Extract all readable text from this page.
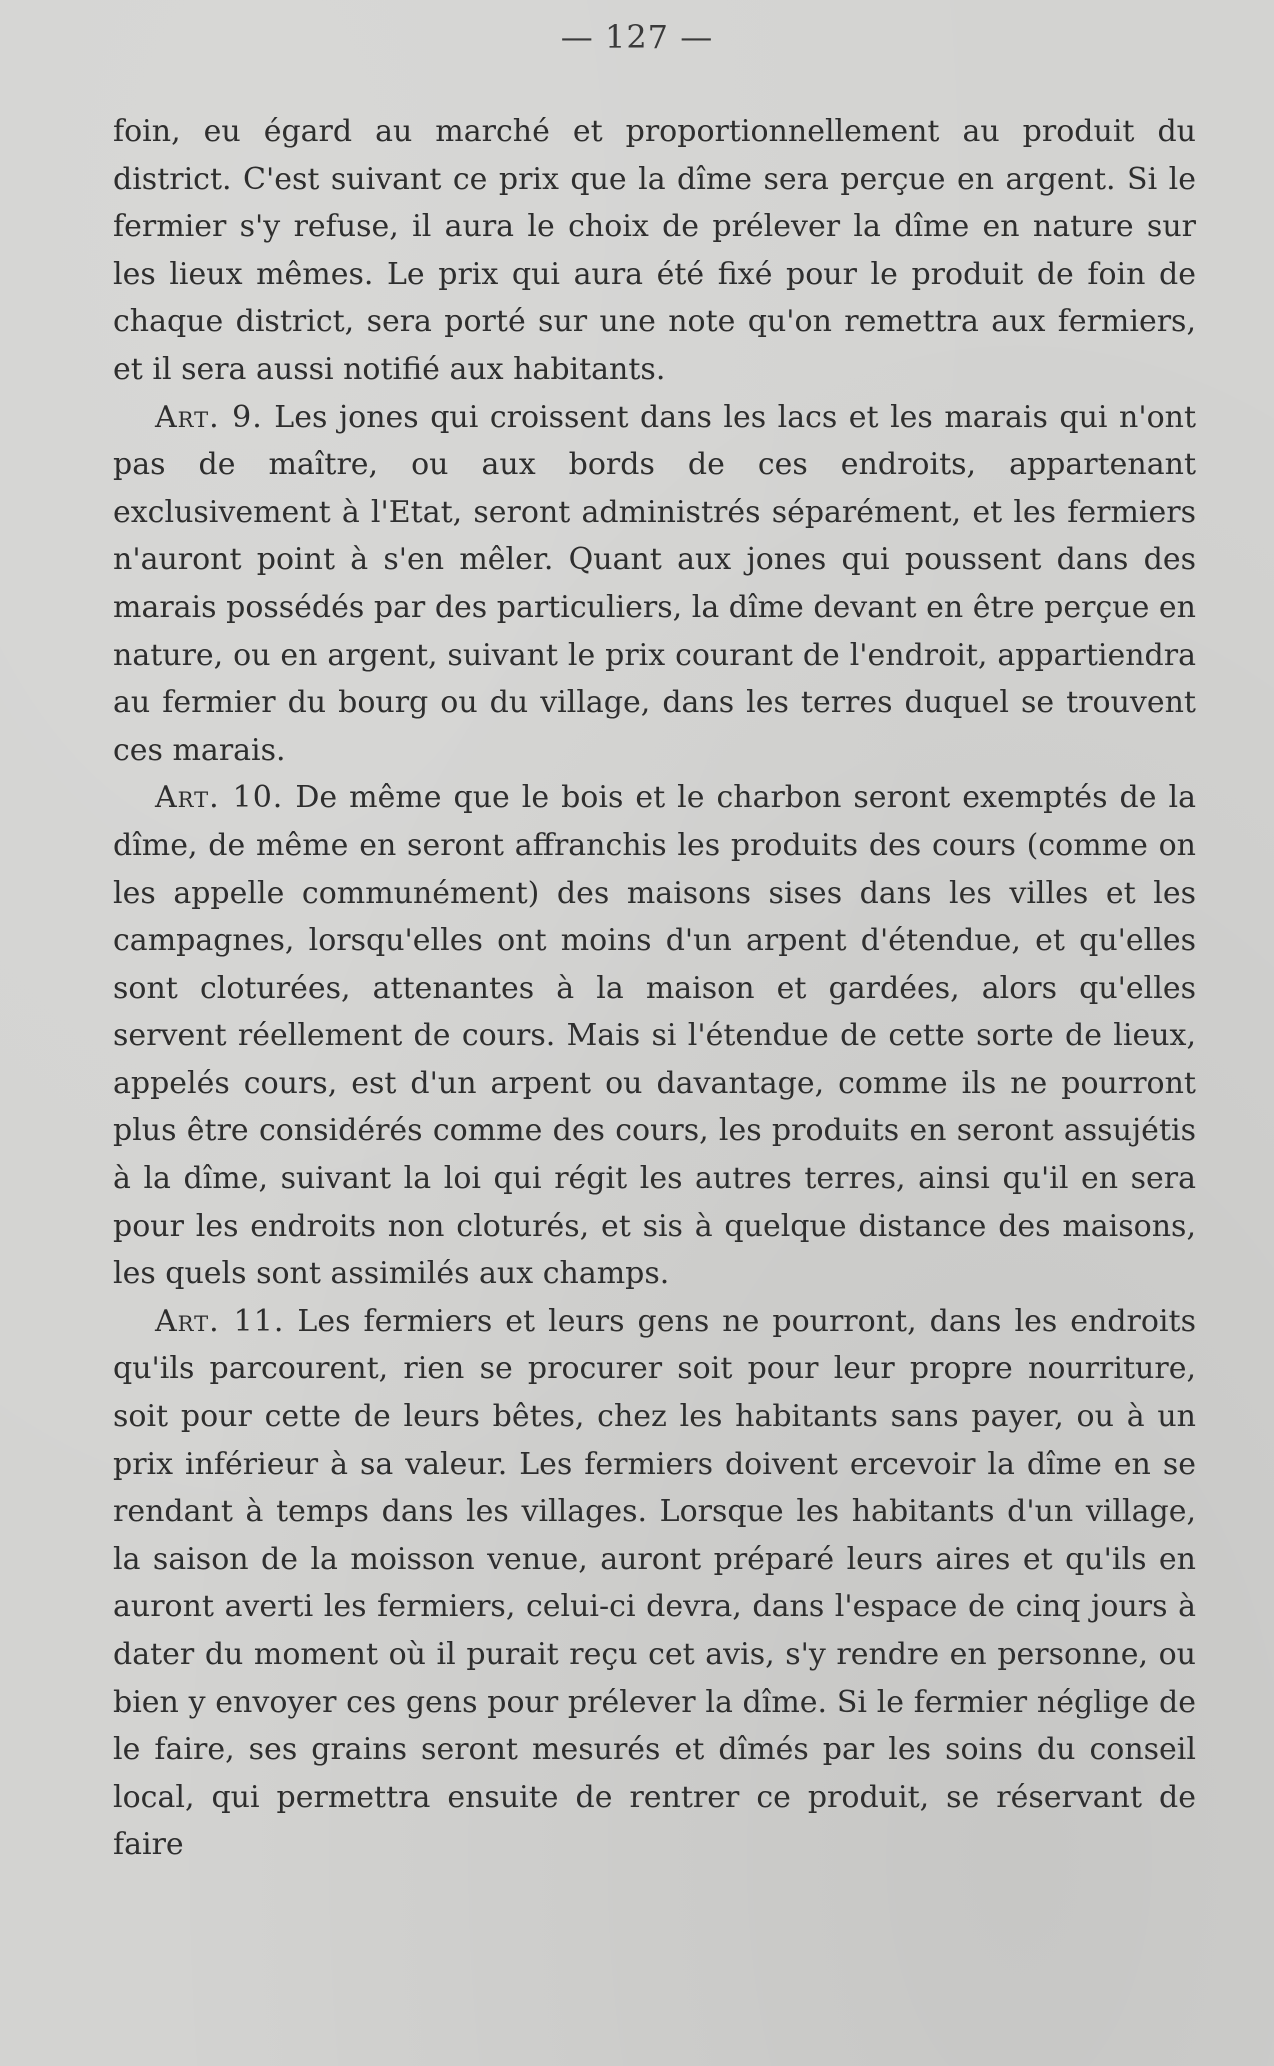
— 127 —

foin, eu égard au marché et proportionnellement au produit du district. C'est suivant ce prix que la dîme sera perçue en argent. Si le fermier s'y refuse, il aura le choix de prélever la dîme en nature sur les lieux mêmes. Le prix qui aura été fixé pour le produit de foin de chaque district, sera porté sur une note qu'on remettra aux fermiers, et il sera aussi notifié aux habitants.

Art. 9. Les jones qui croissent dans les lacs et les marais qui n'ont pas de maître, ou aux bords de ces endroits, appartenant exclusivement à l'Etat, seront administrés séparément, et les fermiers n'auront point à s'en mêler. Quant aux jones qui poussent dans des marais possédés par des particuliers, la dîme devant en être perçue en nature, ou en argent, suivant le prix courant de l'endroit, appartiendra au fermier du bourg ou du village, dans les terres duquel se trouvent ces marais.

Art. 10. De même que le bois et le charbon seront exemptés de la dîme, de même en seront affranchis les produits des cours (comme on les appelle communément) des maisons sises dans les villes et les campagnes, lorsqu'elles ont moins d'un arpent d'étendue, et qu'elles sont cloturées, attenantes à la maison et gardées, alors qu'elles servent réellement de cours. Mais si l'étendue de cette sorte de lieux, appelés cours, est d'un arpent ou davantage, comme ils ne pourront plus être considérés comme des cours, les produits en seront assujétis à la dîme, suivant la loi qui régit les autres terres, ainsi qu'il en sera pour les endroits non cloturés, et sis à quelque distance des maisons, les quels sont assimilés aux champs.

Art. 11. Les fermiers et leurs gens ne pourront, dans les endroits qu'ils parcourent, rien se procurer soit pour leur propre nourriture, soit pour cette de leurs bêtes, chez les habitants sans payer, ou à un prix inférieur à sa valeur. Les fermiers doivent ercevoir la dîme en se rendant à temps dans les villages. Lorsque les habitants d'un village, la saison de la moisson venue, auront préparé leurs aires et qu'ils en auront averti les fermiers, celui-ci devra, dans l'espace de cinq jours à dater du moment où il purait reçu cet avis, s'y rendre en personne, ou bien y envoyer ces gens pour prélever la dîme. Si le fermier néglige de le faire, ses grains seront mesurés et dîmés par les soins du conseil local, qui permettra ensuite de rentrer ce produit, se réservant de faire
